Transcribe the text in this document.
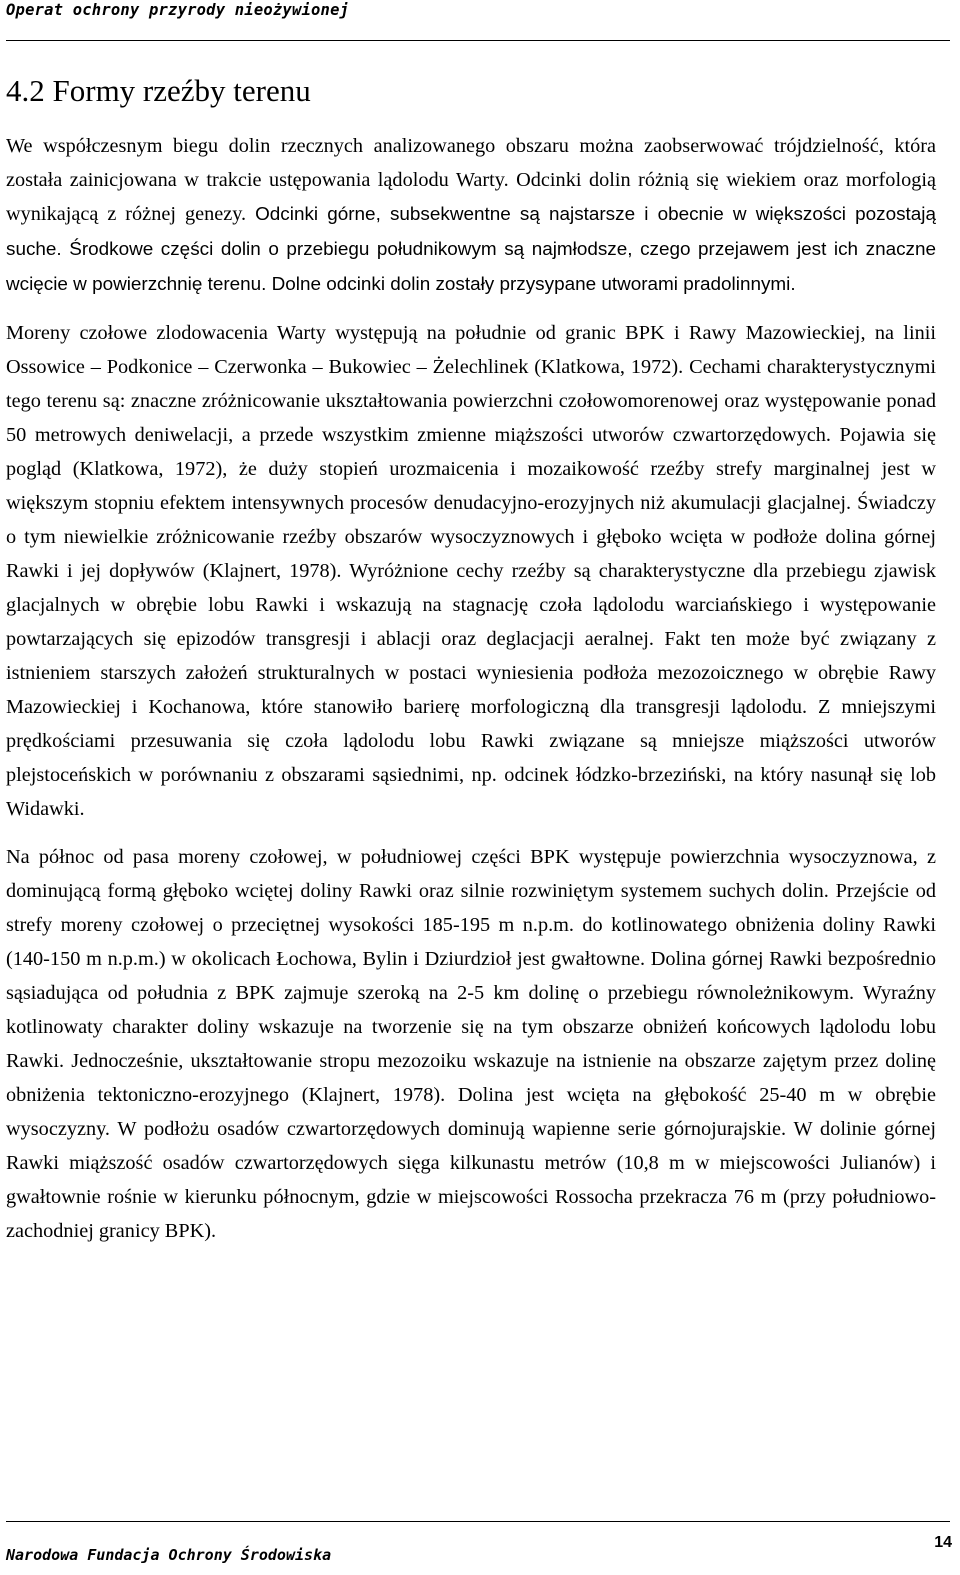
Operat ochrony przyrody nieożywionej
4.2 Formy rzeźby terenu

We współczesnym biegu dolin rzecznych analizowanego obszaru można zaobserwować trójdzielność, która została zainicjowana w trakcie ustępowania lądolodu Warty. Odcinki dolin różnią się wiekiem oraz morfologią wynikającą z różnej genezy. Odcinki górne, subsekwentne są najstarsze i obecnie w większości pozostają suche. Środkowe części dolin o przebiegu południkowym są najmłodsze, czego przejawem jest ich znaczne wcięcie w powierzchnię terenu. Dolne odcinki dolin zostały przysypane utworami pradolinnymi.

Moreny czołowe zlodowacenia Warty występują na południe od granic BPK i Rawy Mazowieckiej, na linii Ossowice – Podkonice – Czerwonka – Bukowiec – Żelechlinek (Klatkowa, 1972). Cechami charakterystycznymi tego terenu są: znaczne zróżnicowanie ukształtowania powierzchni czołowomorenowej oraz występowanie ponad 50 metrowych deniwelacji, a przede wszystkim zmienne miąższości utworów czwartorzędowych. Pojawia się pogląd (Klatkowa, 1972), że duży stopień urozmaicenia i mozaikowość rzeźby strefy marginalnej jest w większym stopniu efektem intensywnych procesów denudacyjno-erozyjnych niż akumulacji glacjalnej. Świadczy o tym niewielkie zróżnicowanie rzeźby obszarów wysoczyznowych i głęboko wcięta w podłoże dolina górnej Rawki i jej dopływów (Klajnert, 1978). Wyróżnione cechy rzeźby są charakterystyczne dla przebiegu zjawisk glacjalnych w obrębie lobu Rawki i wskazują na stagnację czoła lądolodu warciańskiego i występowanie powtarzających się epizodów transgresji i ablacji oraz deglacjacji aeralnej. Fakt ten może być związany z istnieniem starszych założeń strukturalnych w postaci wyniesienia podłoża mezozoicznego w obrębie Rawy Mazowieckiej i Kochanowa, które stanowiło barierę morfologiczną dla transgresji lądolodu. Z mniejszymi prędkościami przesuwania się czoła lądolodu lobu Rawki związane są mniejsze miąższości utworów plejstoceńskich w porównaniu z obszarami sąsiednimi, np. odcinek łódzko-brzeziński, na który nasunął się lob Widawki.

Na północ od pasa moreny czołowej, w południowej części BPK występuje powierzchnia wysoczyznowa, z dominującą formą głęboko wciętej doliny Rawki oraz silnie rozwiniętym systemem suchych dolin. Przejście od strefy moreny czołowej o przeciętnej wysokości 185-195 m n.p.m. do kotlinowatego obniżenia doliny Rawki (140-150 m n.p.m.) w okolicach Łochowa, Bylin i Dziurdzioł jest gwałtowne. Dolina górnej Rawki bezpośrednio sąsiadująca od południa z BPK zajmuje szeroką na 2-5 km dolinę o przebiegu równoleżnikowym. Wyraźny kotlinowaty charakter doliny wskazuje na tworzenie się na tym obszarze obniżeń końcowych lądolodu lobu Rawki. Jednocześnie, ukształtowanie stropu mezozoiku wskazuje na istnienie na obszarze zajętym przez dolinę obniżenia tektoniczno-erozyjnego (Klajnert, 1978). Dolina jest wcięta na głębokość 25-40 m w obrębie wysoczyzny. W podłożu osadów czwartorzędowych dominują wapienne serie górnojurajskie. W dolinie górnej Rawki miąższość osadów czwartorzędowych sięga kilkunastu metrów (10,8 m w miejscowości Julianów) i gwałtownie rośnie w kierunku północnym, gdzie w miejscowości Rossocha przekracza 76 m (przy południowo-zachodniej granicy BPK).

Narodowa Fundacja Ochrony Środowiska
14
